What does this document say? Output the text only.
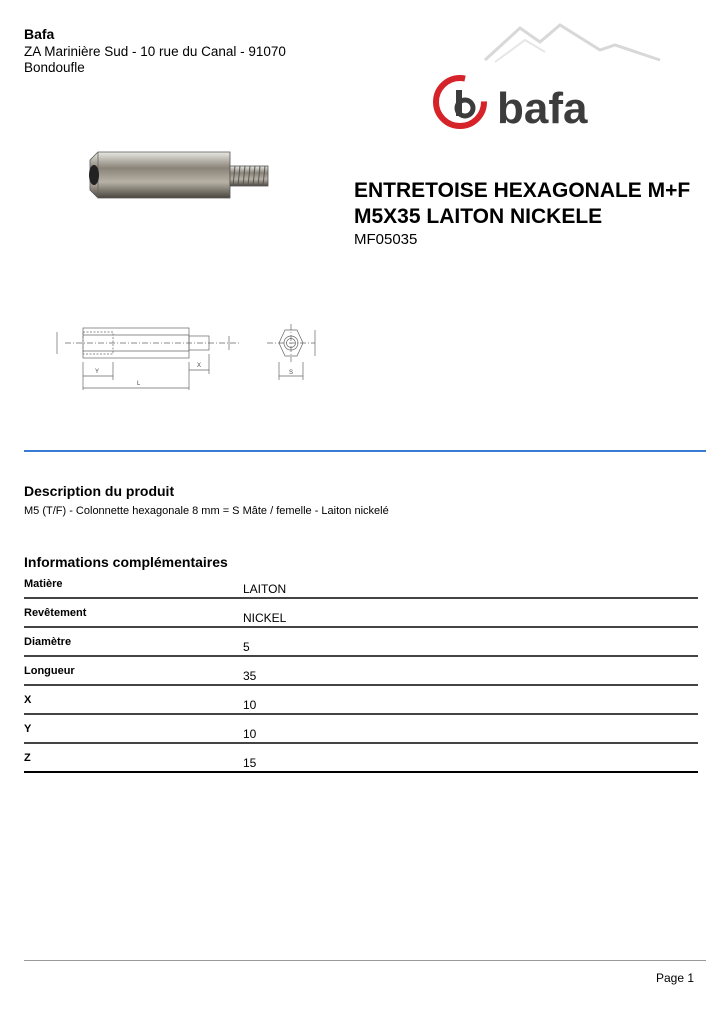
Bafa
ZA Marinière Sud - 10 rue du Canal - 91070 Bondoufle
bafa
ENTRETOISE HEXAGONALE M+F M5X35 LAITON NICKELE
MF05035
Y
L
X
S
Description du produit
M5 (T/F) - Colonnette hexagonale 8 mm = S Mâte / femelle - Laiton nickelé
Informations complémentaires
Matière	LAITON
Revêtement	NICKEL
Diamètre	5
Longueur	35
X	10
Y	10
Z	15
Page 1
